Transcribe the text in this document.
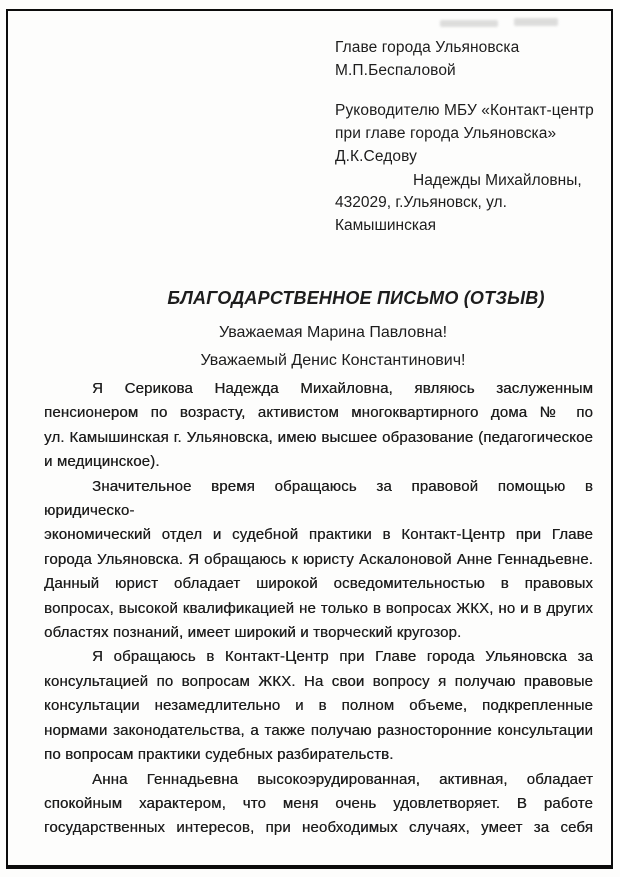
Главе города Ульяновска
М.П.Беспаловой
Руководителю МБУ «Контакт-центр
при главе города Ульяновска»
Д.К.Седову
Надежды Михайловны,
432029, г.Ульяновск, ул.
Камышинская
БЛАГОДАРСТВЕННОЕ ПИСЬМО (ОТЗЫВ)
Уважаемая Марина Павловна!
Уважаемый Денис Константинович!
Я Серикова Надежда Михайловна, являюсь заслуженным
пенсионером по возрасту, активистом многоквартирного дома № по
ул. Камышинская г. Ульяновска, имею высшее образование (педагогическое
и медицинское).
Значительное время обращаюсь за правовой помощью в юридическо-
экономический отдел и судебной практики в Контакт-Центр при Главе
города Ульяновска. Я обращаюсь к юристу Аскалоновой Анне Геннадьевне.
Данный юрист обладает широкой осведомительностью в правовых
вопросах, высокой квалификацией не только в вопросах ЖКХ, но и в других
областях познаний, имеет широкий и творческий кругозор.
Я обращаюсь в Контакт-Центр при Главе города Ульяновска за
консультацией по вопросам ЖКХ. На свои вопросу я получаю правовые
консультации незамедлительно и в полном объеме, подкрепленные
нормами законодательства, а также получаю разносторонние консультации
по вопросам практики судебных разбирательств.
Анна Геннадьевна высокоэрудированная, активная, обладает
спокойным характером, что меня очень удовлетворяет. В работе
государственных интересов, при необходимых случаях, умеет за себя
